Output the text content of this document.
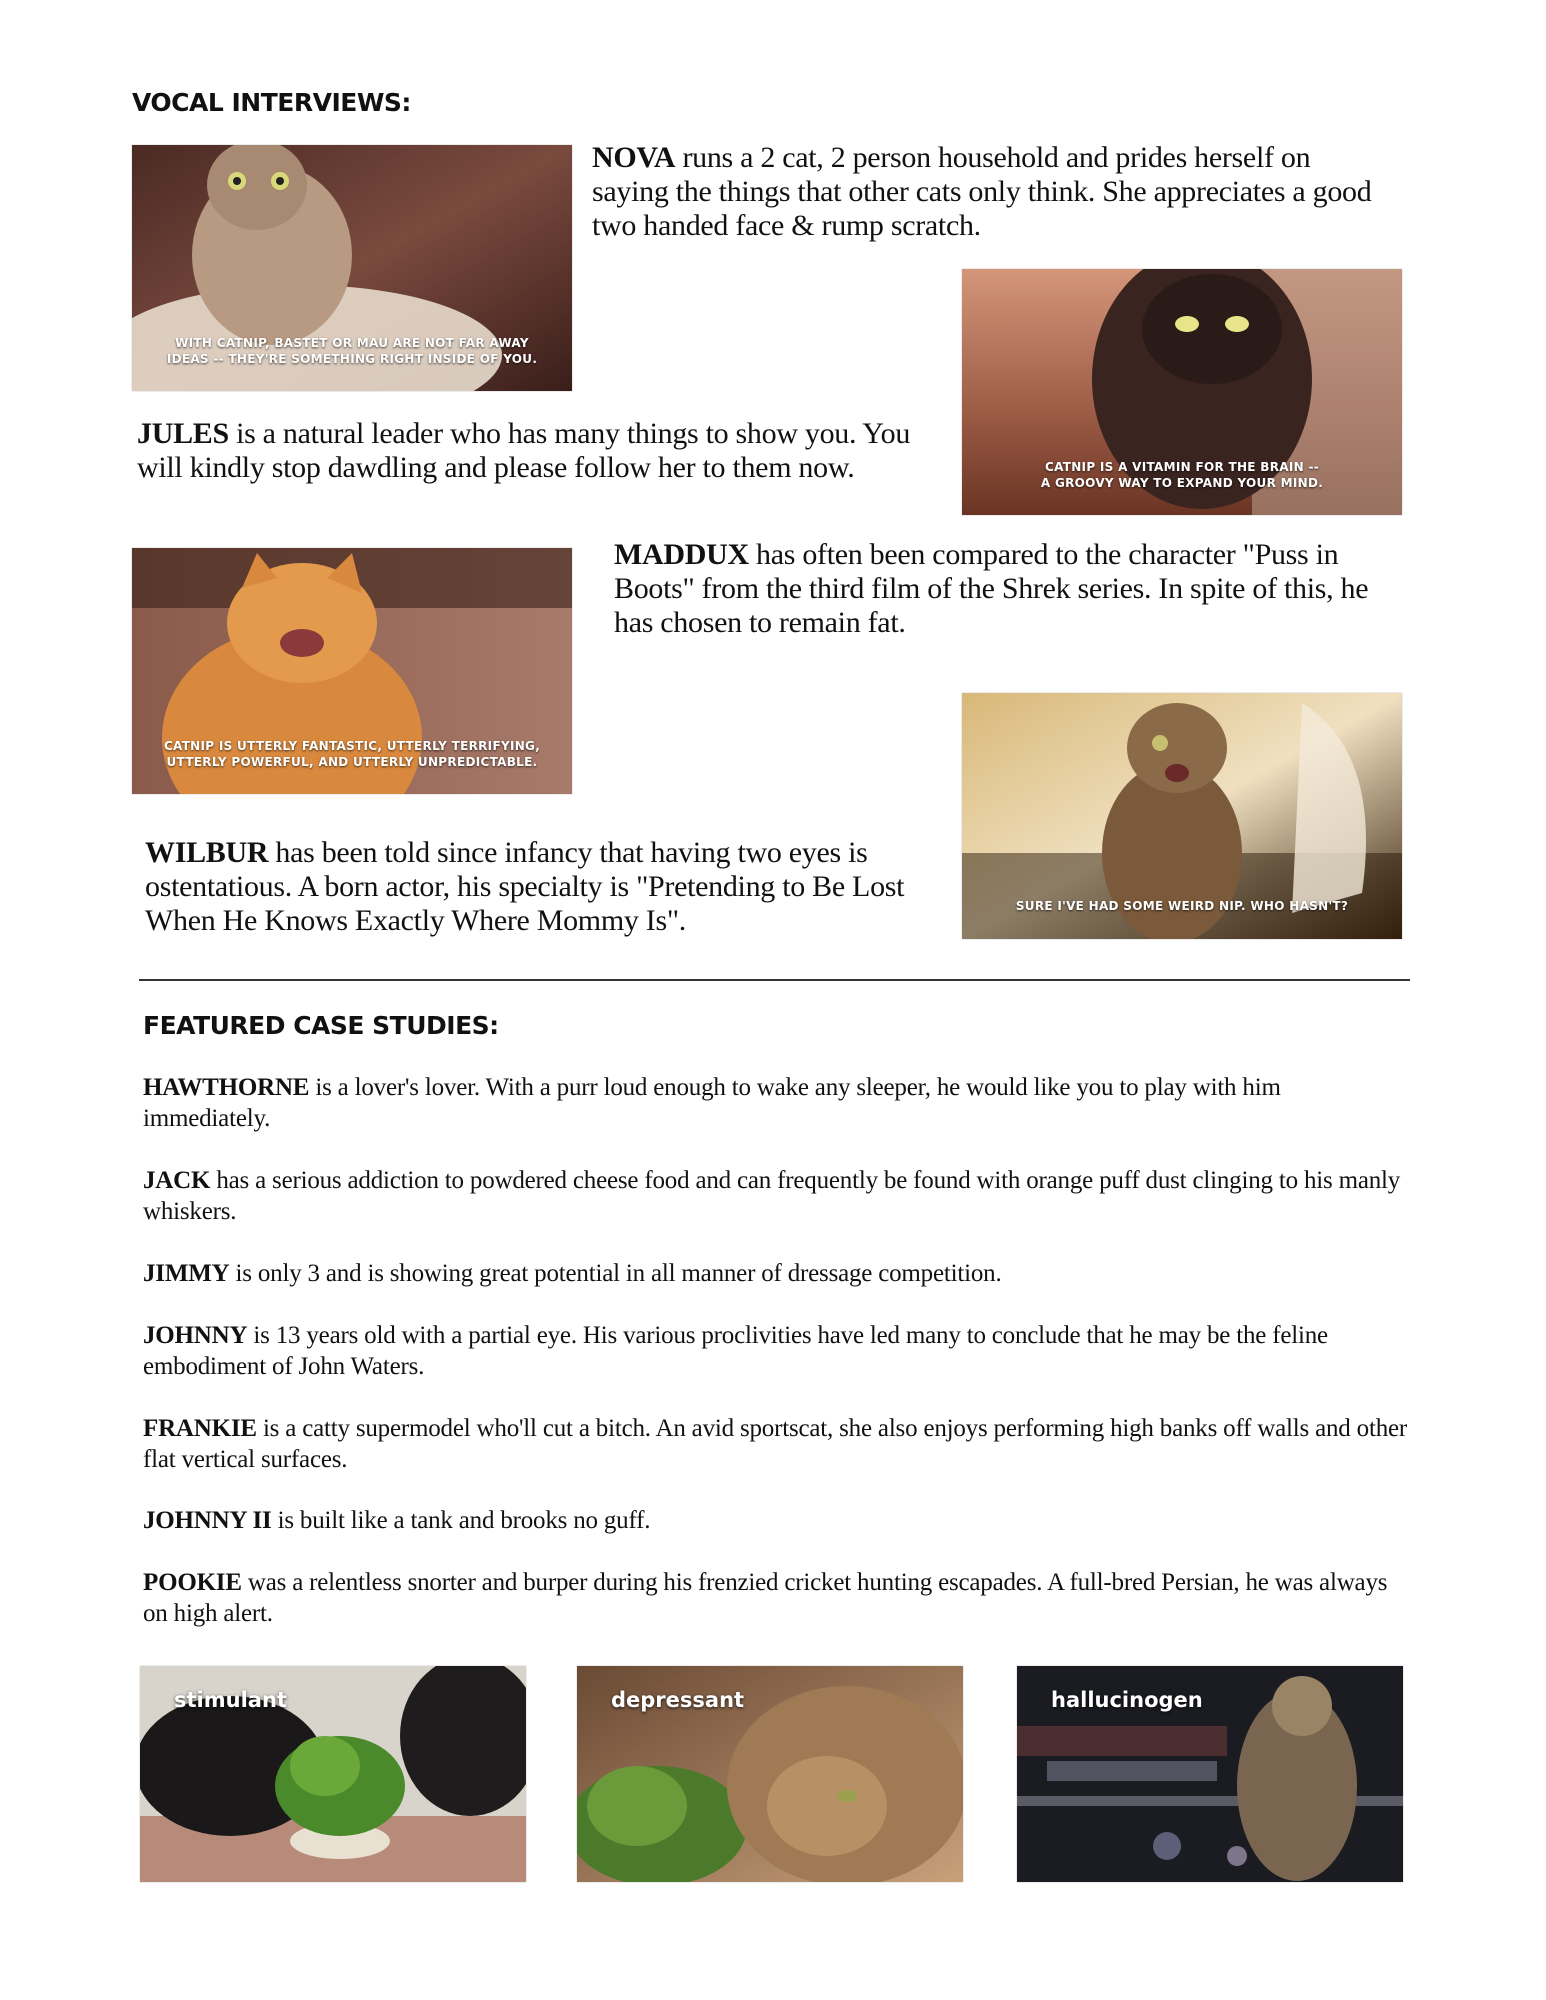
VOCAL INTERVIEWS:
WITH CATNIP, BASTET OR MAU ARE NOT FAR AWAY
IDEAS -- THEY'RE SOMETHING RIGHT INSIDE OF YOU.

NOVA runs a 2 cat, 2 person household and prides herself on saying the things that other cats only think. She appreciates a good two handed face & rump scratch.

CATNIP IS A VITAMIN FOR THE BRAIN --
A GROOVY WAY TO EXPAND YOUR MIND.

JULES is a natural leader who has many things to show you. You will kindly stop dawdling and please follow her to them now.

CATNIP IS UTTERLY FANTASTIC, UTTERLY TERRIFYING,
UTTERLY POWERFUL, AND UTTERLY UNPREDICTABLE.

MADDUX has often been compared to the character "Puss in Boots" from the third film of the Shrek series. In spite of this, he has chosen to remain fat.

SURE I'VE HAD SOME WEIRD NIP. WHO HASN'T?

WILBUR has been told since infancy that having two eyes is ostentatious. A born actor, his specialty is "Pretending to Be Lost When He Knows Exactly Where Mommy Is".

FEATURED CASE STUDIES:

HAWTHORNE is a lover's lover. With a purr loud enough to wake any sleeper, he would like you to play with him immediately.

JACK has a serious addiction to powdered cheese food and can frequently be found with orange puff dust clinging to his manly whiskers.

JIMMY is only 3 and is showing great potential in all manner of dressage competition.

JOHNNY is 13 years old with a partial eye. His various proclivities have led many to conclude that he may be the feline embodiment of John Waters.

FRANKIE is a catty supermodel who'll cut a bitch. An avid sportscat, she also enjoys performing high banks off walls and other flat vertical surfaces.

JOHNNY II is built like a tank and brooks no guff.

POOKIE was a relentless snorter and burper during his frenzied cricket hunting escapades. A full-bred Persian, he was always on high alert.

stimulant	depressant	hallucinogen
